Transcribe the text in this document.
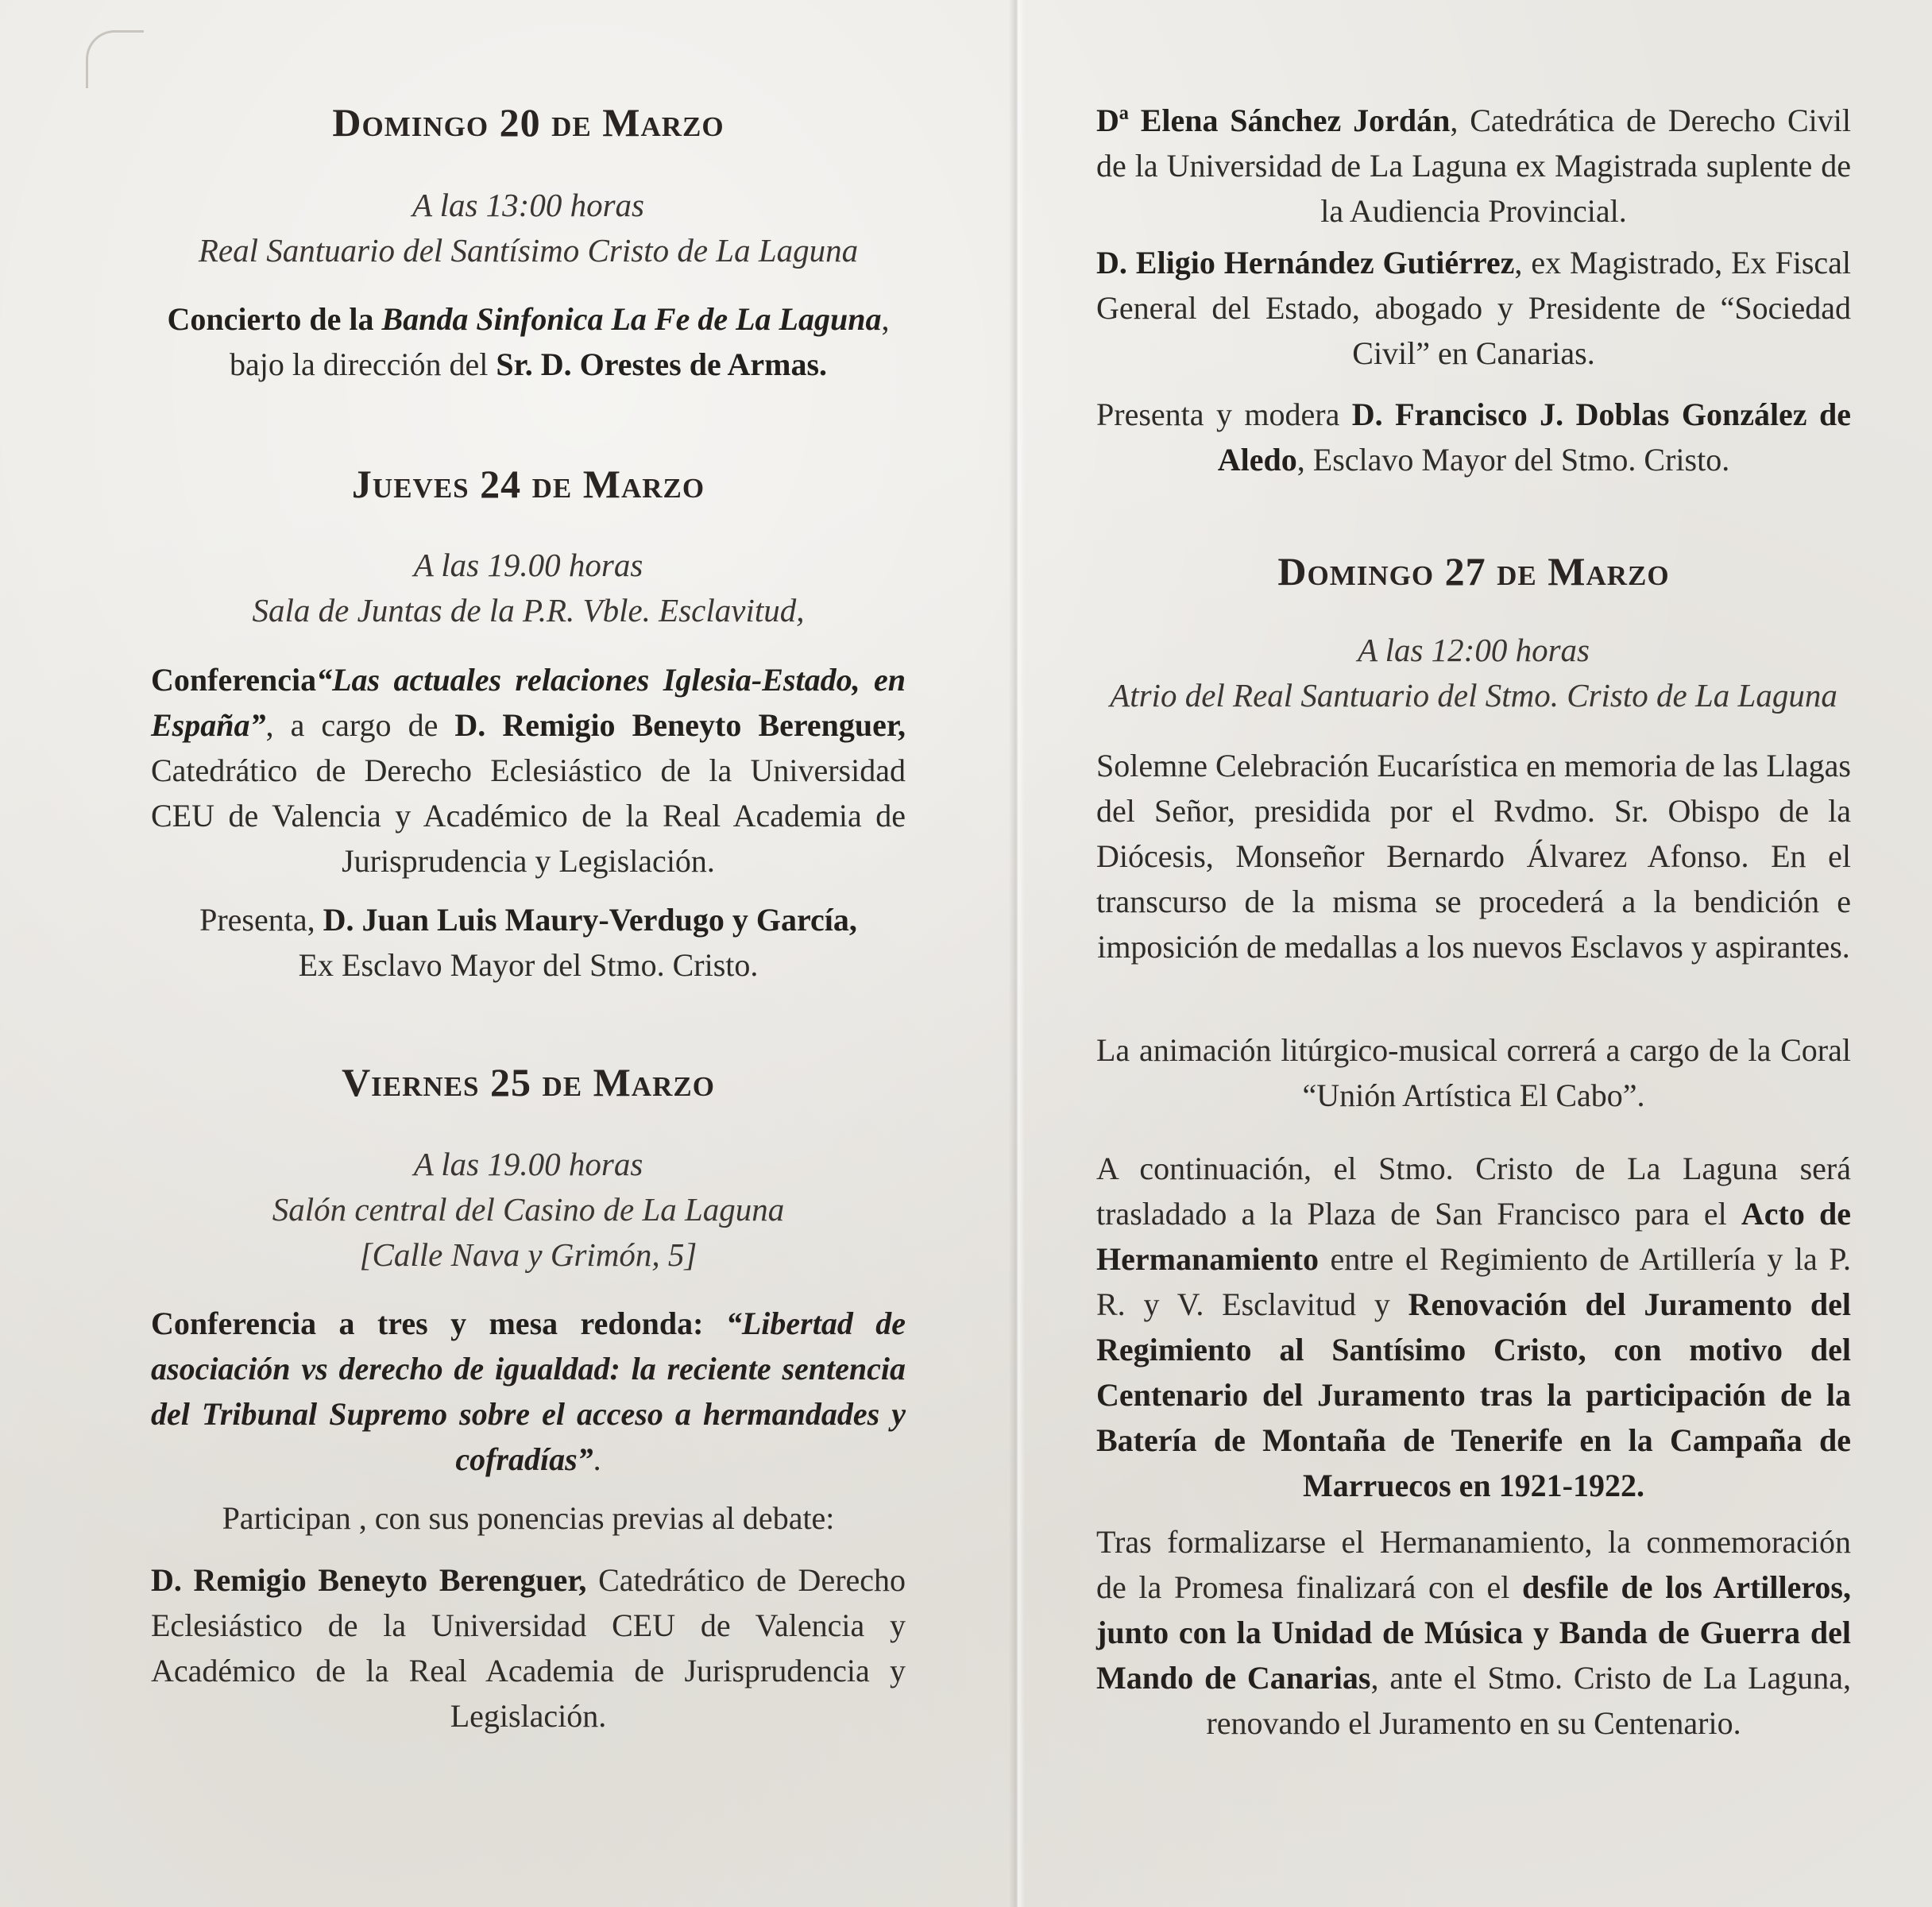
Domingo 20 de Marzo
A las 13:00 horas
Real Santuario del Santísimo Cristo de La Laguna

Concierto de la Banda Sinfonica La Fe de La Laguna,
bajo la dirección del Sr. D. Orestes de Armas.

Jueves 24 de Marzo
A las 19.00 horas
Sala de Juntas de la P.R. Vble. Esclavitud,

Conferencia“Las actuales relaciones Iglesia-Estado, en España”, a cargo de D. Remigio Beneyto Berenguer, Catedrático de Derecho Eclesiástico de la Universidad CEU de Valencia y Académico de la Real Academia de Jurisprudencia y Legislación.

Presenta, D. Juan Luis Maury-Verdugo y García,
Ex Esclavo Mayor del Stmo. Cristo.

Viernes 25 de Marzo
A las 19.00 horas
Salón central del Casino de La Laguna
[Calle Nava y Grimón, 5]

Conferencia a tres y mesa redonda: “Libertad de asociación vs derecho de igualdad: la reciente sentencia del Tribunal Supremo sobre el acceso a hermandades y cofradías”.

Participan , con sus ponencias previas al debate:

D. Remigio Beneyto Berenguer, Catedrático de Derecho Eclesiástico de la Universidad CEU de Valencia y Académico de la Real Academia de Jurisprudencia y Legislación.

Dª Elena Sánchez Jordán, Catedrática de Derecho Civil de la Universidad de La Laguna ex Magistrada suplente de la Audiencia Provincial.

D. Eligio Hernández Gutiérrez, ex Magistrado, Ex Fiscal General del Estado, abogado y Presidente de “Sociedad Civil” en Canarias.

Presenta y modera D. Francisco J. Doblas González de Aledo, Esclavo Mayor del Stmo. Cristo.

Domingo 27 de Marzo
A las 12:00 horas
Atrio del Real Santuario del Stmo. Cristo de La Laguna

Solemne Celebración Eucarística en memoria de las Llagas del Señor, presidida por el Rvdmo. Sr. Obispo de la Diócesis, Monseñor Bernardo Álvarez Afonso. En el transcurso de la misma se procederá a la bendición e imposición de medallas a los nuevos Esclavos y aspirantes.

La animación litúrgico-musical correrá a cargo de la Coral “Unión Artística El Cabo”.

A continuación, el Stmo. Cristo de La Laguna será trasladado a la Plaza de San Francisco para el Acto de Hermanamiento entre el Regimiento de Artillería y la P. R. y V. Esclavitud y Renovación del Juramento del Regimiento al Santísimo Cristo, con motivo del Centenario del Juramento tras la participación de la Batería de Montaña de Tenerife en la Campaña de Marruecos en 1921-1922.

Tras formalizarse el Hermanamiento, la conmemoración de la Promesa finalizará con el desfile de los Artilleros, junto con la Unidad de Música y Banda de Guerra del Mando de Canarias, ante el Stmo. Cristo de La Laguna, renovando el Juramento en su Centenario.
